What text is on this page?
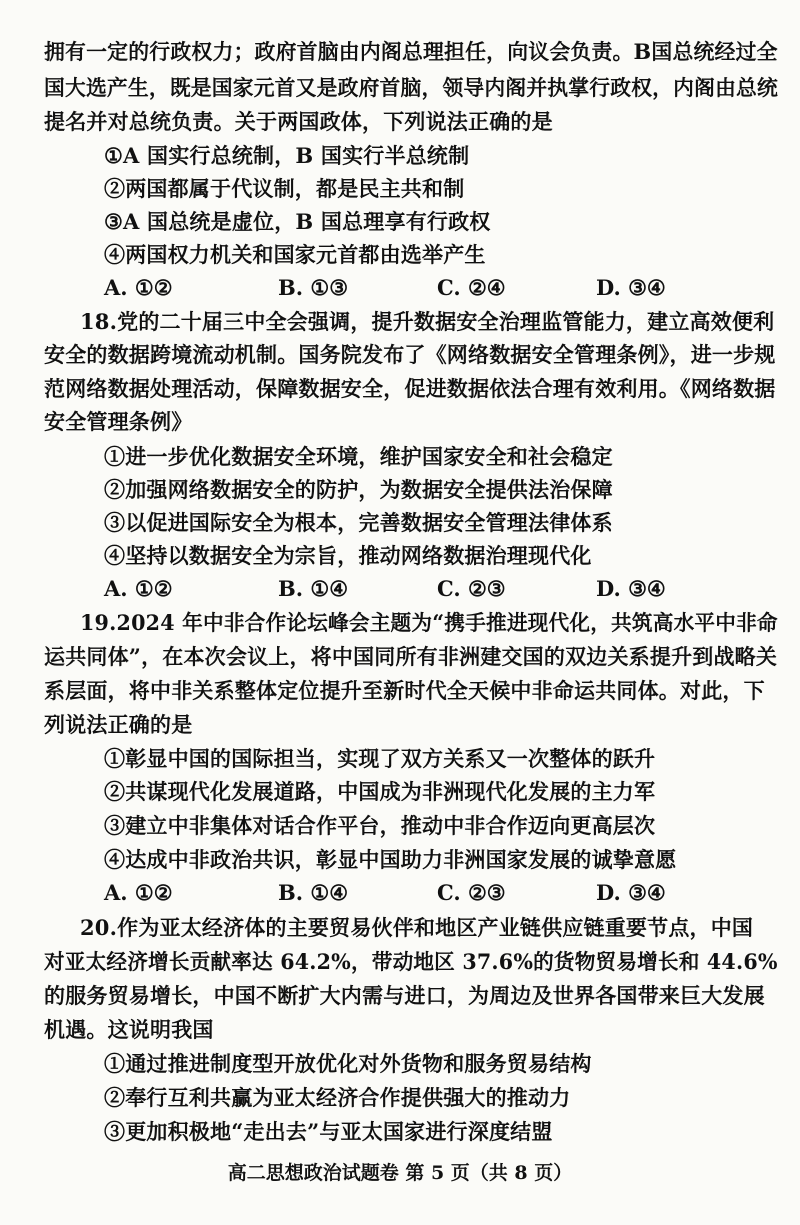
拥有一定的行政权力；政府首脑由内阁总理担任，向议会负责。B国总统经过全
国大选产生，既是国家元首又是政府首脑，领导内阁并执掌行政权，内阁由总统
提名并对总统负责。关于两国政体，下列说法正确的是
①A 国实行总统制，B 国实行半总统制
②两国都属于代议制，都是民主共和制
③A 国总统是虚位，B 国总理享有行政权
④两国权力机关和国家元首都由选举产生
A. ①②	B. ①③	C. ②④	D. ③④
18.党的二十届三中全会强调，提升数据安全治理监管能力，建立高效便利
安全的数据跨境流动机制。国务院发布了《网络数据安全管理条例》，进一步规
范网络数据处理活动，保障数据安全，促进数据依法合理有效利用。《网络数据
安全管理条例》
①进一步优化数据安全环境，维护国家安全和社会稳定
②加强网络数据安全的防护，为数据安全提供法治保障
③以促进国际安全为根本，完善数据安全管理法律体系
④坚持以数据安全为宗旨，推动网络数据治理现代化
A. ①②	B. ①④	C. ②③	D. ③④
19.2024 年中非合作论坛峰会主题为“携手推进现代化，共筑高水平中非命
运共同体”，在本次会议上，将中国同所有非洲建交国的双边关系提升到战略关
系层面，将中非关系整体定位提升至新时代全天候中非命运共同体。对此，下
列说法正确的是
①彰显中国的国际担当，实现了双方关系又一次整体的跃升
②共谋现代化发展道路，中国成为非洲现代化发展的主力军
③建立中非集体对话合作平台，推动中非合作迈向更高层次
④达成中非政治共识，彰显中国助力非洲国家发展的诚挚意愿
A. ①②	B. ①④	C. ②③	D. ③④
20.作为亚太经济体的主要贸易伙伴和地区产业链供应链重要节点，中国
对亚太经济增长贡献率达 64.2%，带动地区 37.6%的货物贸易增长和 44.6%
的服务贸易增长，中国不断扩大内需与进口，为周边及世界各国带来巨大发展
机遇。这说明我国
①通过推进制度型开放优化对外货物和服务贸易结构
②奉行互利共赢为亚太经济合作提供强大的推动力
③更加积极地“走出去”与亚太国家进行深度结盟
高二思想政治试题卷 第 5 页（共 8 页）
